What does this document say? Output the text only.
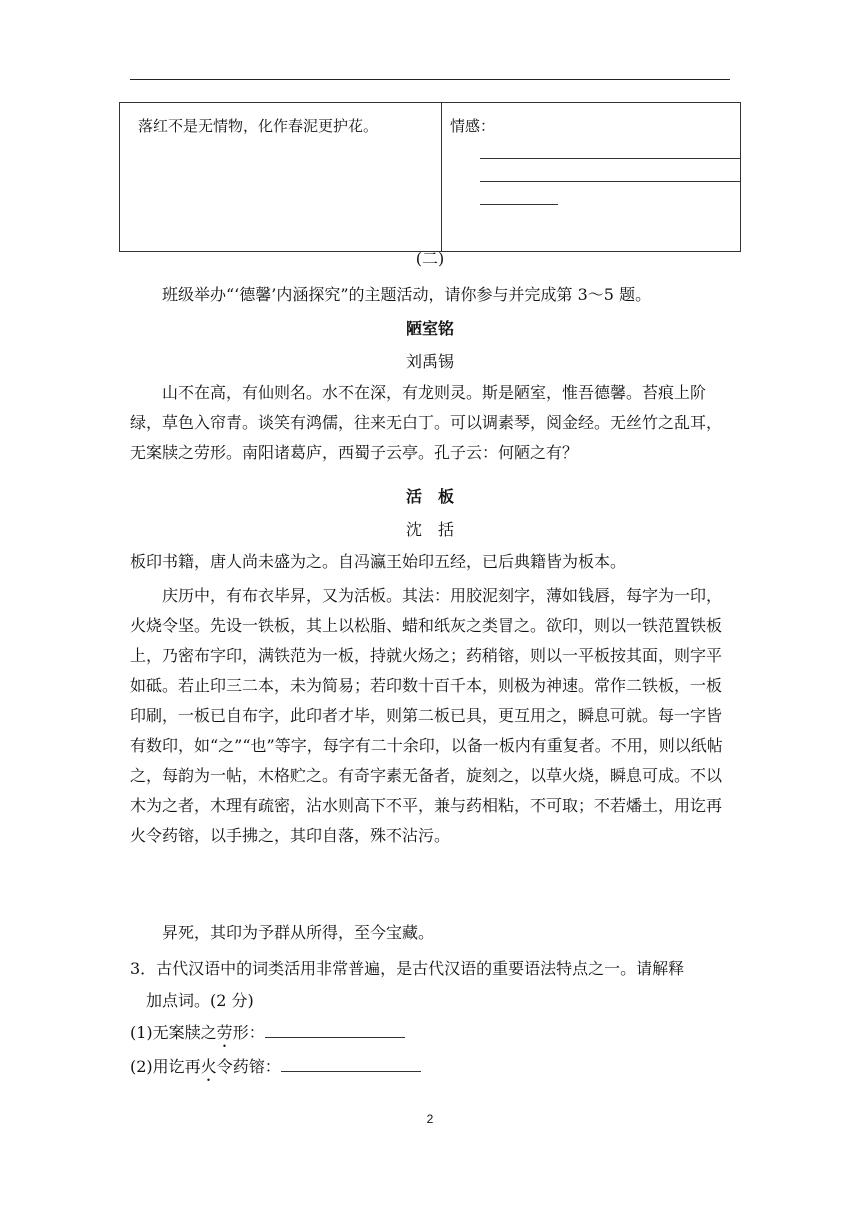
落红不是无情物，化作春泥更护花。	情感：
(二)

班级举办“‘德馨’内涵探究”的主题活动，请你参与并完成第 3～5 题。

陋室铭
刘禹锡

山不在高，有仙则名。水不在深，有龙则灵。斯是陋室，惟吾德馨。苔痕上阶绿，草色入帘青。谈笑有鸿儒，往来无白丁。可以调素琴，阅金经。无丝竹之乱耳，无案牍之劳形。南阳诸葛庐，西蜀子云亭。孔子云：何陋之有？

活　板
沈　括

板印书籍，唐人尚未盛为之。自冯瀛王始印五经，已后典籍皆为板本。

庆历中，有布衣毕昇，又为活板。其法：用胶泥刻字，薄如钱唇，每字为一印，火烧令坚。先设一铁板，其上以松脂、蜡和纸灰之类冒之。欲印，则以一铁范置铁板上，乃密布字印，满铁范为一板，持就火炀之；药稍镕，则以一平板按其面，则字平如砥。若止印三二本，未为简易；若印数十百千本，则极为神速。常作二铁板，一板印刷，一板已自布字，此印者才毕，则第二板已具，更互用之，瞬息可就。每一字皆有数印，如“之”“也”等字，每字有二十余印，以备一板内有重复者。不用，则以纸帖之，每韵为一帖，木格贮之。有奇字素无备者，旋刻之，以草火烧，瞬息可成。不以木为之者，木理有疏密，沾水则高下不平，兼与药相粘，不可取；不若燔土，用讫再火令药镕，以手拂之，其印自落，殊不沾污。

昇死，其印为予群从所得，至今宝藏。

3．古代汉语中的词类活用非常普遍，是古代汉语的重要语法特点之一。请解释
加点词。(2 分)
(1)无案牍之劳形：
(2)用讫再火令药镕：
2
